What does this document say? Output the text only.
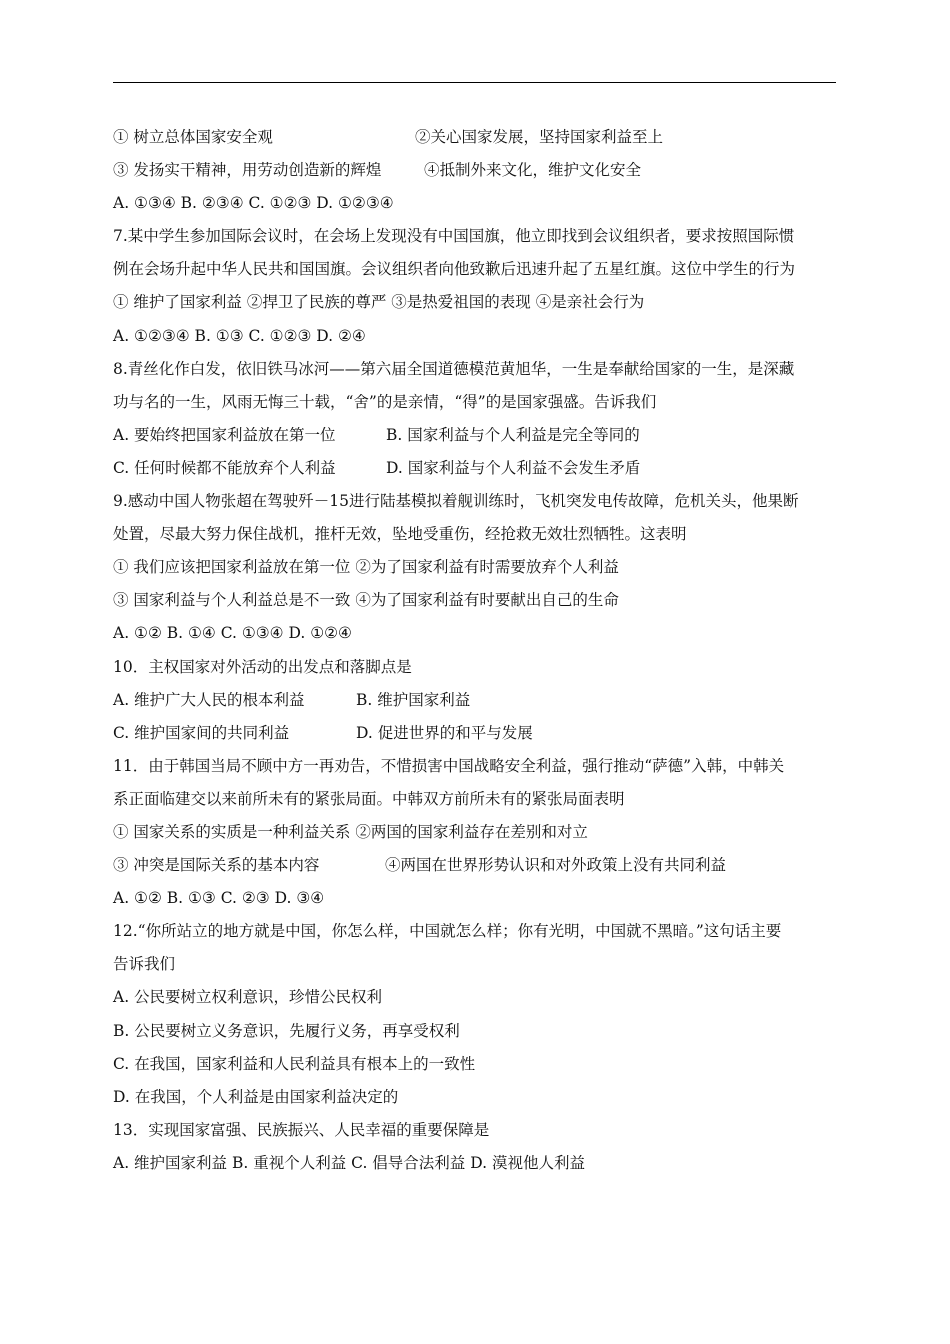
① 树立总体国家安全观	②关心国家发展，坚持国家利益至上
③ 发扬实干精神，用劳动创造新的辉煌	④抵制外来文化，维护文化安全
A. ①③④ B. ②③④ C. ①②③ D. ①②③④
7.某中学生参加国际会议时，在会场上发现没有中国国旗，他立即找到会议组织者，要求按照国际惯
例在会场升起中华人民共和国国旗。会议组织者向他致歉后迅速升起了五星红旗。这位中学生的行为
① 维护了国家利益 ②捍卫了民族的尊严 ③是热爱祖国的表现 ④是亲社会行为
A. ①②③④ B. ①③ C. ①②③ D. ②④
8.青丝化作白发，依旧铁马冰河——第六届全国道德模范黄旭华，一生是奉献给国家的一生，是深藏
功与名的一生，风雨无悔三十载，“舍”的是亲情，“得”的是国家强盛。告诉我们
A. 要始终把国家利益放在第一位	B. 国家利益与个人利益是完全等同的
C. 任何时候都不能放弃个人利益	D. 国家利益与个人利益不会发生矛盾
9.感动中国人物张超在驾驶歼－15进行陆基模拟着舰训练时，飞机突发电传故障，危机关头，他果断
处置，尽最大努力保住战机，推杆无效，坠地受重伤，经抢救无效壮烈牺牲。这表明
① 我们应该把国家利益放在第一位 ②为了国家利益有时需要放弃个人利益
③ 国家利益与个人利益总是不一致 ④为了国家利益有时要献出自己的生命
A. ①② B. ①④ C. ①③④ D. ①②④
10．主权国家对外活动的出发点和落脚点是
A. 维护广大人民的根本利益	B. 维护国家利益
C. 维护国家间的共同利益	D. 促进世界的和平与发展
11．由于韩国当局不顾中方一再劝告，不惜损害中国战略安全利益，强行推动“萨德”入韩，中韩关
系正面临建交以来前所未有的紧张局面。中韩双方前所未有的紧张局面表明
① 国家关系的实质是一种利益关系 ②两国的国家利益存在差别和对立
③ 冲突是国际关系的基本内容	④两国在世界形势认识和对外政策上没有共同利益
A. ①② B. ①③ C. ②③ D. ③④
12.“你所站立的地方就是中国，你怎么样，中国就怎么样；你有光明，中国就不黑暗。”这句话主要
告诉我们
A. 公民要树立权利意识，珍惜公民权利
B. 公民要树立义务意识，先履行义务，再享受权利
C. 在我国，国家利益和人民利益具有根本上的一致性
D. 在我国，个人利益是由国家利益决定的
13．实现国家富强、民族振兴、人民幸福的重要保障是
A. 维护国家利益 B. 重视个人利益 C. 倡导合法利益 D. 漠视他人利益
